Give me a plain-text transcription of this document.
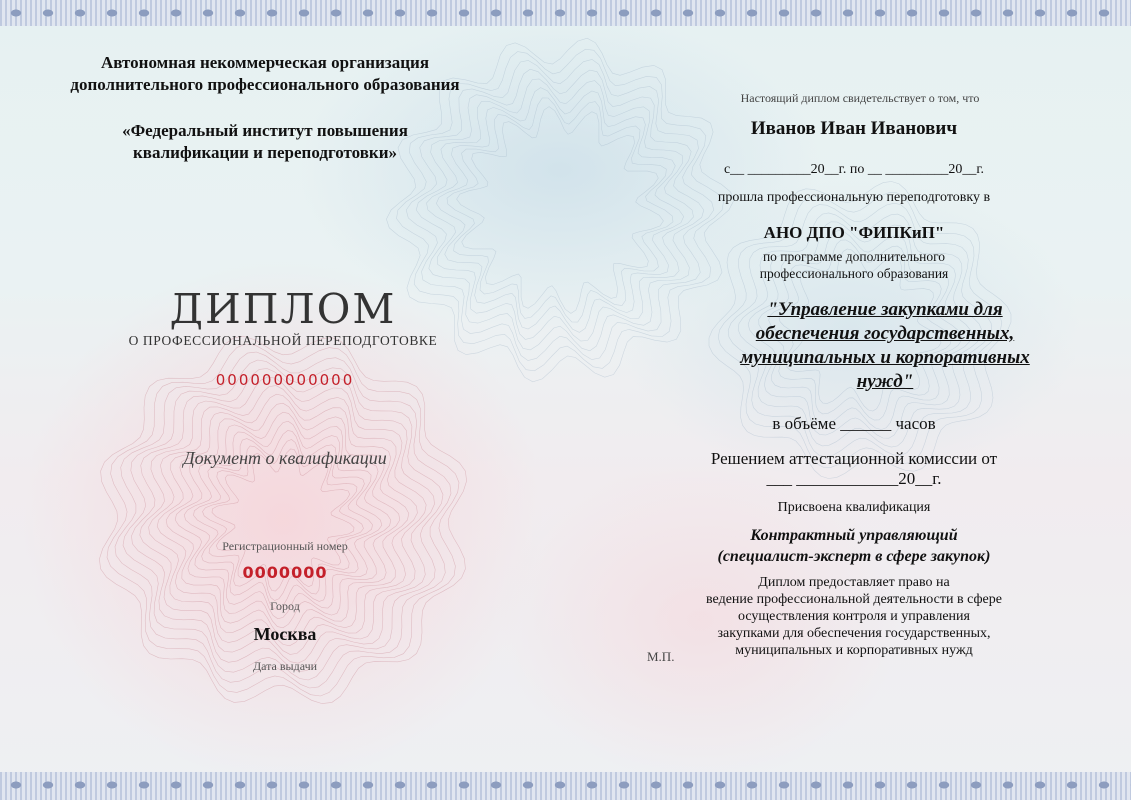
Автономная некоммерческая организация
дополнительного профессионального образования
«Федеральный институт повышения
квалификации и переподготовки»
ДИПЛОМ
О ПРОФЕССИОНАЛЬНОЙ ПЕРЕПОДГОТОВКЕ
000000000000
Документ о квалификации
Регистрационный номер
0000000
Город
Москва
Дата выдачи
М.П.
Настоящий диплом свидетельствует о том, что
Иванов Иван Иванович
с__ _________20__г. по __ _________20__г.
прошла профессиональную переподготовку в
АНО ДПО "ФИПКиП"
по программе дополнительного
профессионального образования
"Управление закупками для
обеспечения государственных,
муниципальных и корпоративных
нужд"
в объёме ______ часов
Решением аттестационной комиссии от
___ ____________20__г.
Присвоена квалификация
Контрактный управляющий
(специалист-эксперт в сфере закупок)
Диплом предоставляет право на
ведение профессиональной деятельности в сфере
осуществления контроля и управления
закупками для обеспечения государственных,
муниципальных и корпоративных нужд
